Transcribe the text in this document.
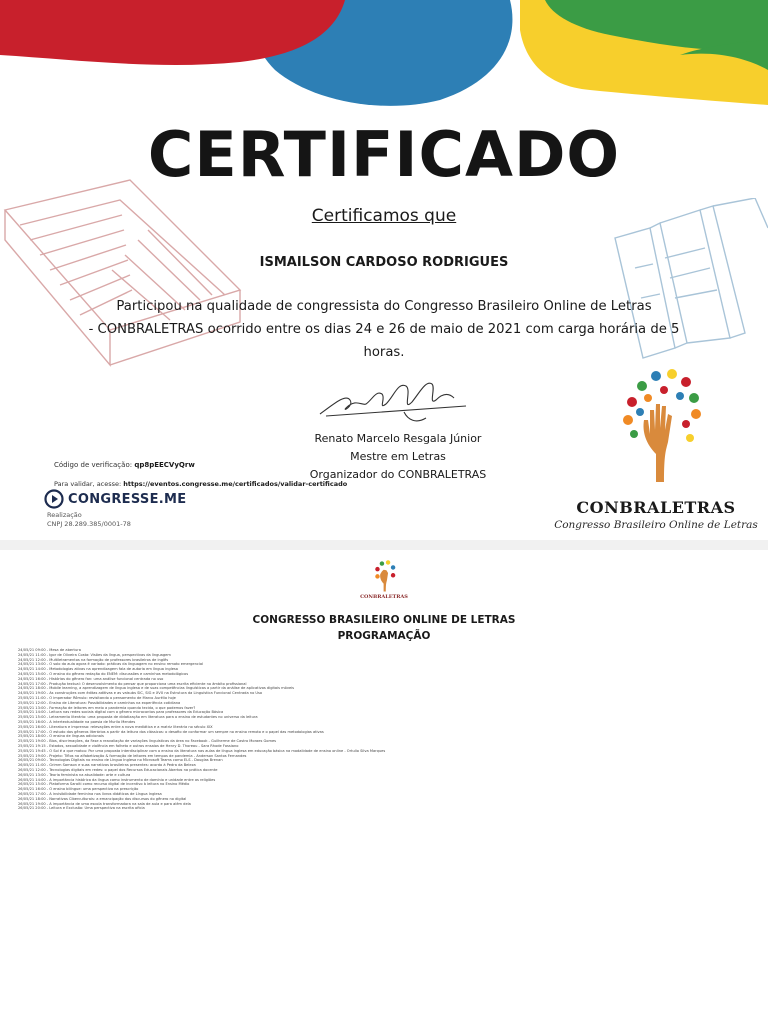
CERTIFICADO
Certificamos que
ISMAILSON CARDOSO RODRIGUES
Participou na qualidade de congressista do Congresso Brasileiro Online de Letras
- CONBRALETRAS ocorrido entre os dias 24 e 26 de maio de 2021 com carga horária de 5 horas.
Renato Marcelo Resgala Júnior
Mestre em Letras
Organizador do CONBRALETRAS
Código de verificação: qp8pEECVyQrw
Para validar, acesse: https://eventos.congresse.me/certificados/validar-certificado
CONGRESSE.ME
Realização
CNPJ 28.289.385/0001-78
CONBRALETRAS
Congresso Brasileiro Online de Letras
CONBRALETRAS
CONGRESSO BRASILEIRO ONLINE DE LETRAS
PROGRAMAÇÃO
24/05/21 09:00 - Mesa de abertura
24/05/21 11:00 - Igor de Oliveira Costa: Visões da língua, perspectivas da linguagem
24/05/21 12:00 - Multiletramentos na formação de professores brasileiros de inglês
24/05/21 13:00 - O solo da aula agora é variado: práticas da linguagem no ensino remoto emergencial
24/05/21 14:00 - Metodologias ativas na aprendizagem fala de autoria em língua inglesa
24/05/21 15:00 - O ensino do gênero redação do ENEM: discussões e caminhos metodológicos
24/05/21 16:00 - Histórias do gênero fan: uma análise funcional centrada no uso
24/05/21 17:00 - Produção textual: O desenvolvimento do pensar que proporciona uma escrita eficiente no âmbito profissional
24/05/21 18:00 - Mobile learning, a aprendizagem de língua inglesa e de suas competências linguísticas a partir da análise de aplicativos digitais móveis
24/05/21 19:00 - As construções com éditas aditivas e as valsubs SIC, SIG e XVX na Estrutura da Linguística Funcional Centrada no Uso
25/05/21 11:00 - O imperador Rômulo: revisitando o pensamento de Marco Aurélio hoje
25/05/21 12:00 - Ensino de Literatura: Possibilidades e caminhos na experiência cotidiana
25/05/21 13:00 - Formação de leitores em meio a pandemia quando tecida, o que podemos fazer?
25/05/21 14:00 - Leitura nas redes sociais digital com o gênero microcontos para professores da Educação Básica
25/05/21 15:00 - Letramento literário: uma proposta de didatização em literatura para o ensino de estudantes no universo da leitura
25/05/21 16:00 - A intertextualidade na poesia de Murilo Mendes
25/05/21 16:00 - Literatura e imprensa: relevações entre a nova mediática e a matriz literária no século XIX
25/05/21 17:00 - O estudo dos gêneros literários a partir da leitura dos clássicos: o desafio de conformar um sempre no ensino remoto e o papel das metodologias ativas
25/05/21 18:00 - O ensino de línguas adicionais
25/05/21 19:00 - Bios, discrimações, da Fase a reavaliação de variações linguísticas da área no Facebook - Guilherme de Castro Moraes Gomes
25/05/21 19:15 - Estados, sexualidade e violência em folheto e outros ensaios de Henry D. Thoreau - Sara Rhode Fossiano
25/05/21 19:45 - O Sol é a que matou: Por uma proposta interdisciplinar com o ensino da literatura nas aulas de língua inglesa em educação básica na modalidade de ensino online - Ortulio Silva Marques
25/05/21 19:00 - Projeto: Tiflos na alfabetização & formação de leitores em tempos de pandemia - Anderson Santos Fernandes
26/05/21 09:00 - Tecnologias Digitais no ensino de Língua Inglesa no Microsoft Teams como ELS - Douglas Brenan
26/05/21 11:00 - Grimm Samson e suas narrativas brasileiras presentes: acordo à Pedra da Beleza
26/05/21 12:00 - Tecnologias digitais em redes: o papel dos Recursos Educacionais Abertos na prática docente
26/05/21 13:00 - Teoria feminista na atualidade: arte e cultura
26/05/21 14:00 - A importância histórica da língua como instrumento de domínio e unidade entre as religiões
26/05/21 15:00 - Plataforma Saraiti como recurso digital de incentivo à leitura no Ensino Médio
26/05/21 16:00 - O ensino bilíngue: uma perspectiva na prescrição
26/05/21 17:00 - A invisibilidade feminina nos livros didáticos de Língua Inglesa
26/05/21 18:00 - Narrativas Ciberculturais: a emancipação dos discursos do gênero no digital
26/05/21 19:00 - A importância de uma escola transformadora na sala de aula e para além dela
26/05/21 20:00 - Leitura e Exclusão: Uma perspectiva na escrita oficia
